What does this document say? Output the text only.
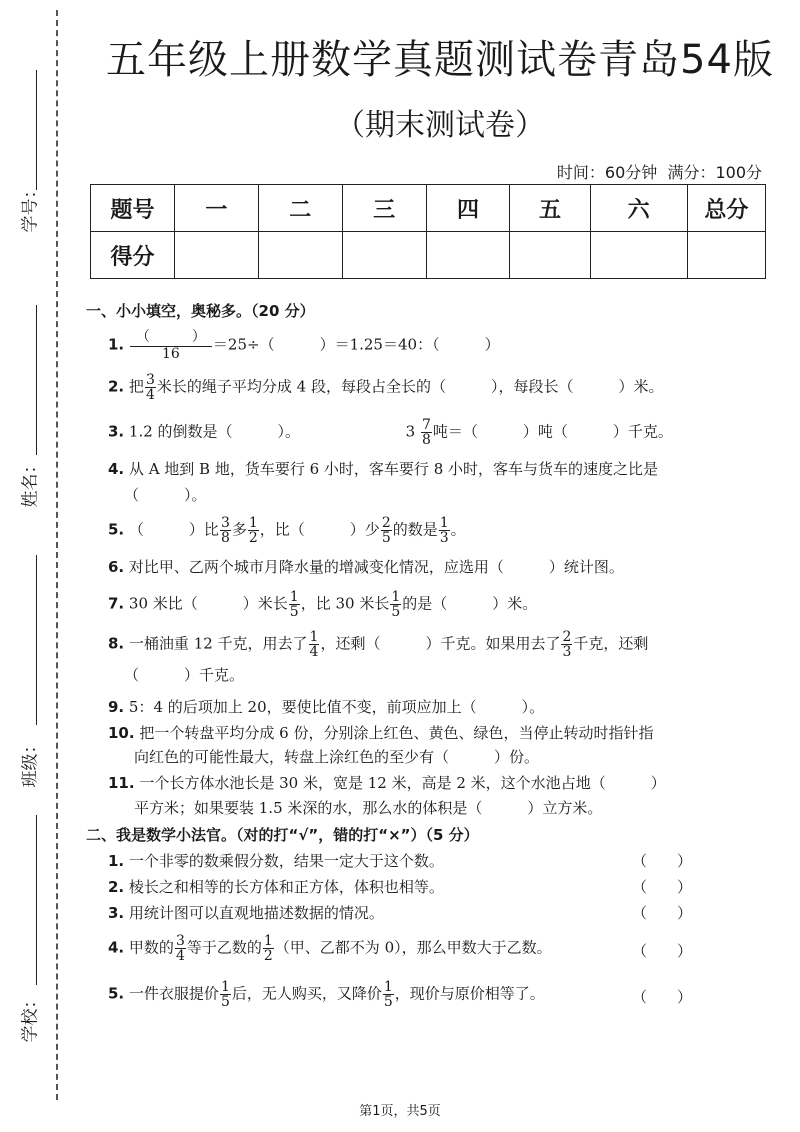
学号：
姓名：
班级：
学校：
五年级上册数学真题测试卷青岛54版
（期末测试卷）
时间：60分钟 满分：100分
题号	一	二	三	四	五	六	总分
得分							
一、小小填空，奥秘多。（20 分）
1. $\frac{( )}{16} =25\div$（　　　）＝1.25＝40：（　　　）
2. 把 $\frac{3}{4}$ 米长的绳子平均分成 4 段，每段占全长的（　　　），每段长（　　　）米。
3. 1.2 的倒数是（　　　）。	$3 \frac{7}{8}$ 吨＝（　　　）吨（　　　）千克。
4. 从 A 地到 B 地，货车要行 6 小时，客车要行 8 小时，客车与货车的速度之比是
（　　　）。
5. （　　　）比 $\frac{3}{8}$ 多 $\frac{1}{2}$ ，比（　　　）少 $\frac{2}{5}$ 的数是 $\frac{1}{3}$ 。
6. 对比甲、乙两个城市月降水量的增减变化情况，应选用（　　　）统计图。
7. 30 米比（　　　）米长 $\frac{1}{5}$ ，比 30 米长 $\frac{1}{5}$ 的是（　　　）米。
8. 一桶油重 12 千克，用去了 $\frac{1}{4}$ ，还剩（　　　）千克。如果用去了 $\frac{2}{3}$ 千克，还剩
（　　　）千克。
9. 5：4 的后项加上 20，要使比值不变，前项应加上（　　　）。
10. 把一个转盘平均分成 6 份，分别涂上红色、黄色、绿色，当停止转动时指针指
向红色的可能性最大，转盘上涂红色的至少有（　　　）份。
11. 一个长方体水池长是 30 米，宽是 12 米，高是 2 米，这个水池占地（　　　）
平方米；如果要装 1.5 米深的水，那么水的体积是（　　　）立方米。
二、我是数学小法官。（对的打“√”，错的打“×”）（5 分）
1. 一个非零的数乘假分数，结果一定大于这个数。	（　　）
2. 棱长之和相等的长方体和正方体，体积也相等。	（　　）
3. 用统计图可以直观地描述数据的情况。	（　　）
4. 甲数的 $\frac{3}{4}$ 等于乙数的 $\frac{1}{2}$ （甲、乙都不为 0），那么甲数大于乙数。	（　　）
5. 一件衣服提价 $\frac{1}{5}$ 后，无人购买，又降价 $\frac{1}{5}$ ，现价与原价相等了。	（　　）
第1页，共5页
